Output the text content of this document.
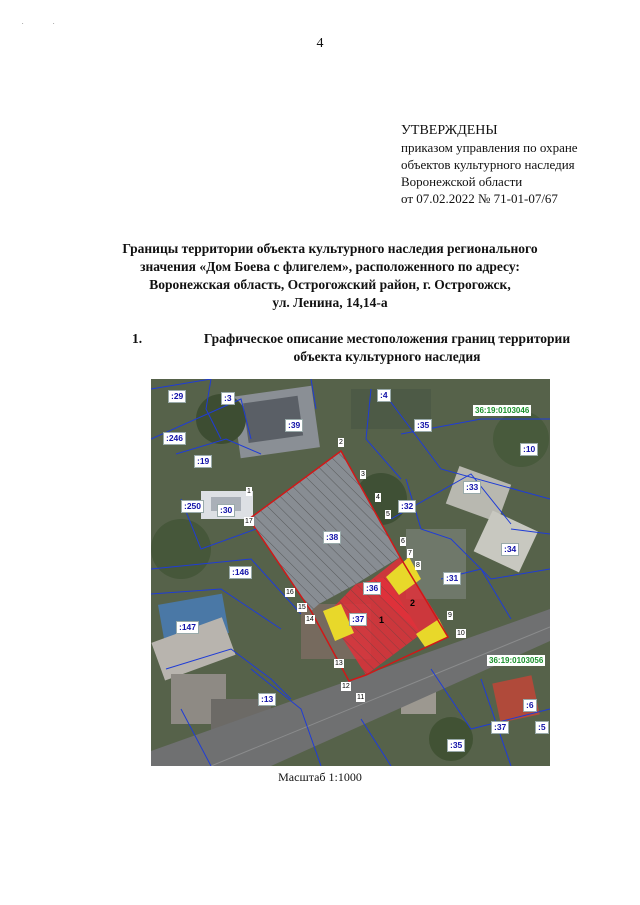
. .
4
УТВЕРЖДЕНЫ
приказом управления по охране
объектов культурного наследия
Воронежской области
от 07.02.2022 № 71-01-07/67
Границы территории объекта культурного наследия регионального
значения «Дом Боева с флигелем», расположенного по адресу:
Воронежская область, Острогожский район, г. Острогожск,
ул. Ленина, 14,14-а
1.	Графическое описание местоположения границ территории
объекта культурного наследия
36:19:0103046
36:19:0103056
:29	:3	:4
:39	:35
:246
:19
:10
:250	:30	:32
:33
:38
:34
:146
:31
:36
:147
:37
:13
:6
:37	:5
:35
1
2
3
4
5
6
7
8
9
10
11
12
13
14
15
16
17
1
2
Масштаб 1:1000
